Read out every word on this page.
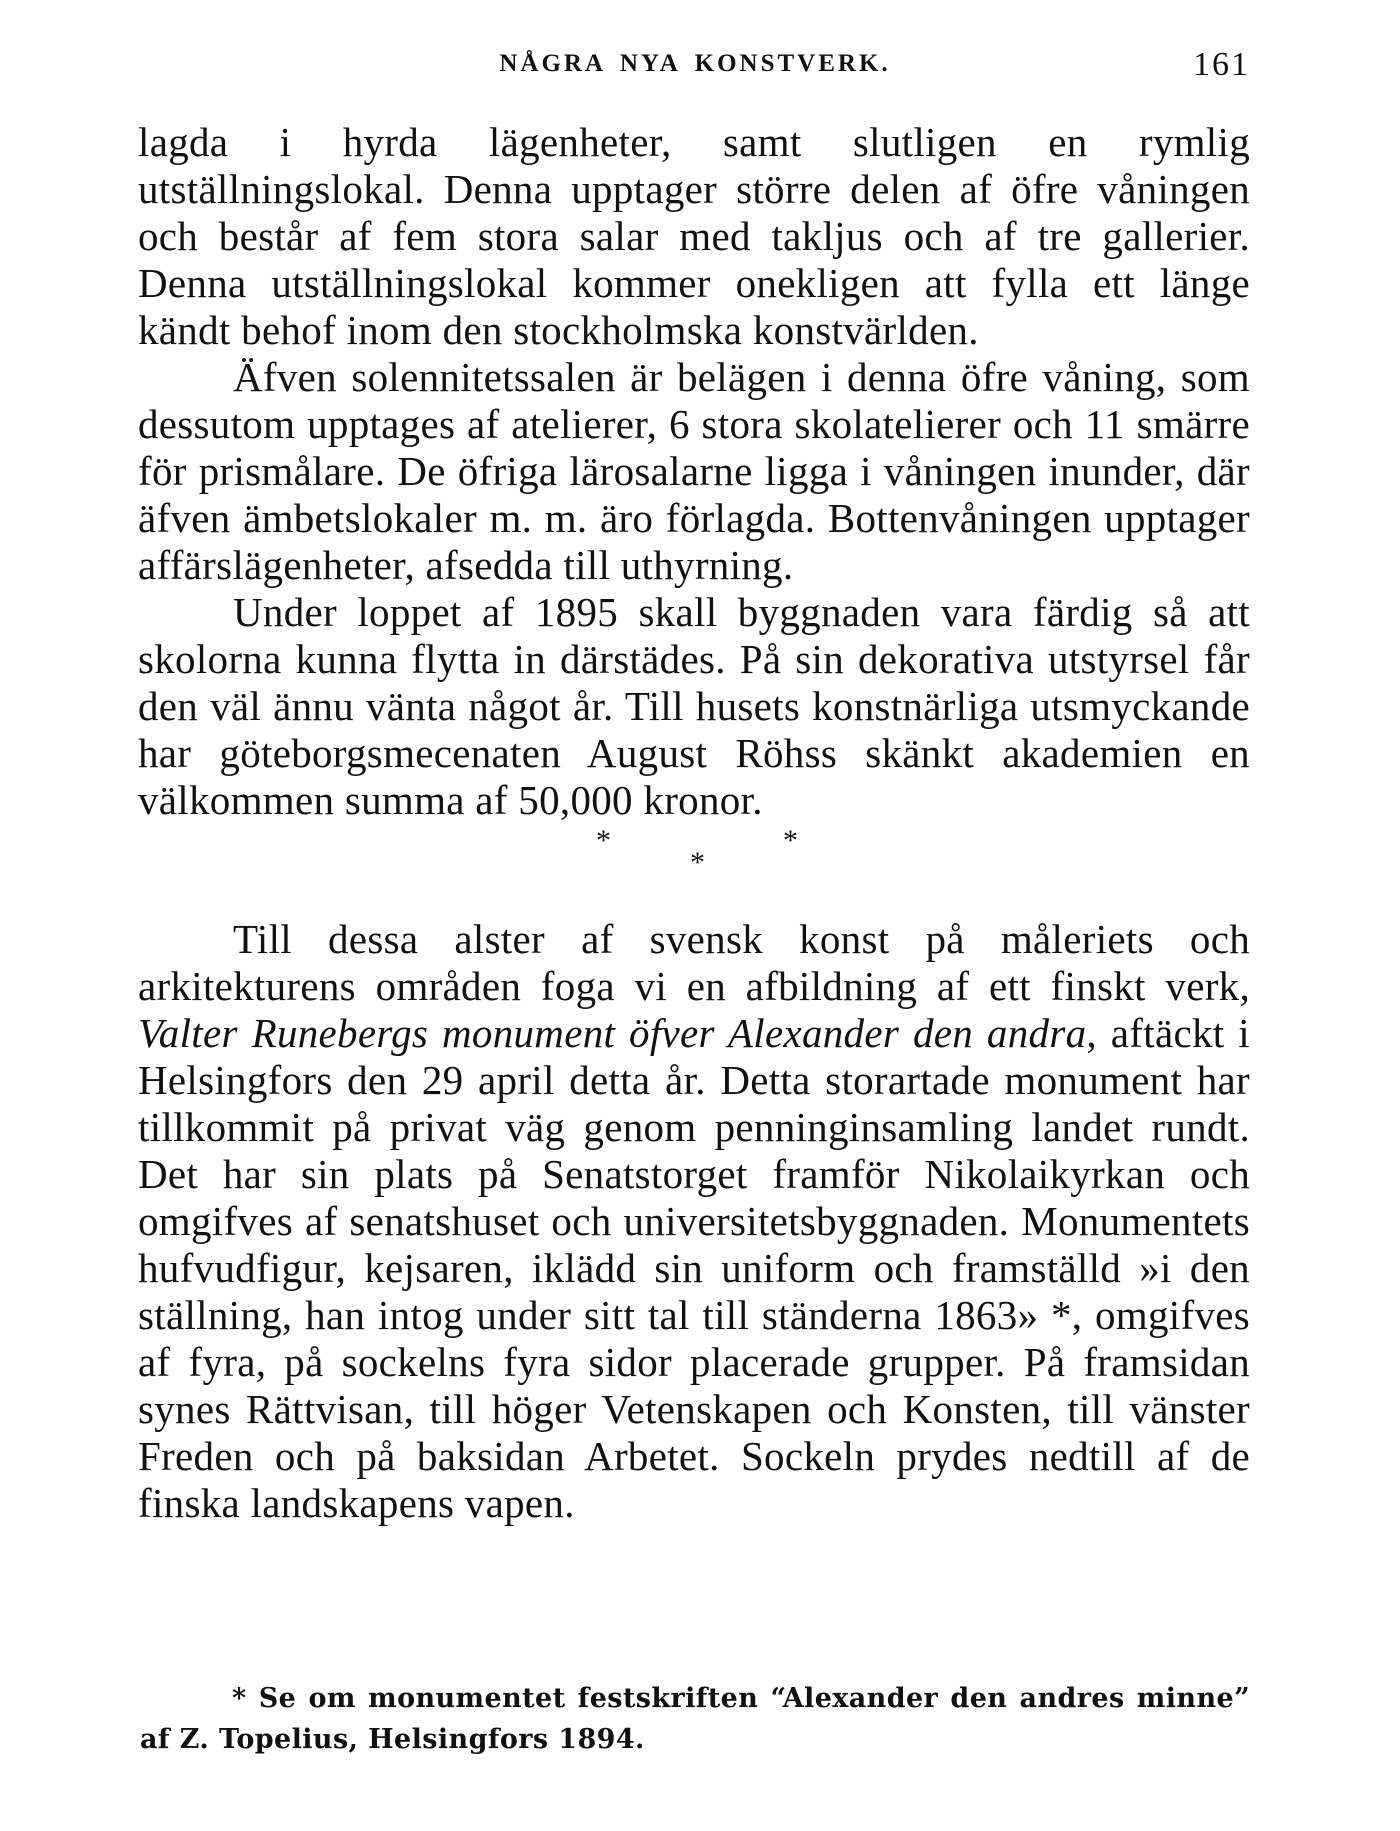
NÅGRA NYA KONSTVERK.	161

lagda i hyrda lägenheter, samt slutligen en rymlig utställningslokal. Denna upptager större delen af öfre våningen och består af fem stora salar med takljus och af tre gallerier. Denna utställningslokal kommer onekligen att fylla ett länge kändt behof inom den stockholmska konstvärlden.

Äfven solennitetssalen är belägen i denna öfre våning, som dessutom upptages af atelierer, 6 stora skolatelierer och 11 smärre för prismålare. De öfriga lärosalarne ligga i våningen inunder, där äfven ämbetslokaler m. m. äro förlagda. Bottenvåningen upptager affärslägenheter, afsedda till uthyrning.

Under loppet af 1895 skall byggnaden vara färdig så att skolorna kunna flytta in därstädes. På sin dekorativa utstyrsel får den väl ännu vänta något år. Till husets konstnärliga utsmyckande har göteborgsmecenaten August Röhss skänkt akademien en välkommen summa af 50,000 kronor.

*
*
*

Till dessa alster af svensk konst på måleriets och arkitekturens områden foga vi en afbildning af ett finskt verk, Valter Runebergs monument öfver Alexander den andra, aftäckt i Helsingfors den 29 april detta år. Detta storartade monument har tillkommit på privat väg genom penninginsamling landet rundt. Det har sin plats på Senatstorget framför Nikolaikyrkan och omgifves af senatshuset och universitetsbyggnaden. Monumentets hufvudfigur, kejsaren, iklädd sin uniform och framställd »i den ställning, han intog under sitt tal till ständerna 1863» *, omgifves af fyra, på sockelns fyra sidor placerade grupper. På framsidan synes Rättvisan, till höger Vetenskapen och Konsten, till vänster Freden och på baksidan Arbetet. Sockeln prydes nedtill af de finska landskapens vapen.

* Se om monumentet festskriften “Alexander den andres minne” af Z. Topelius, Helsingfors 1894.
